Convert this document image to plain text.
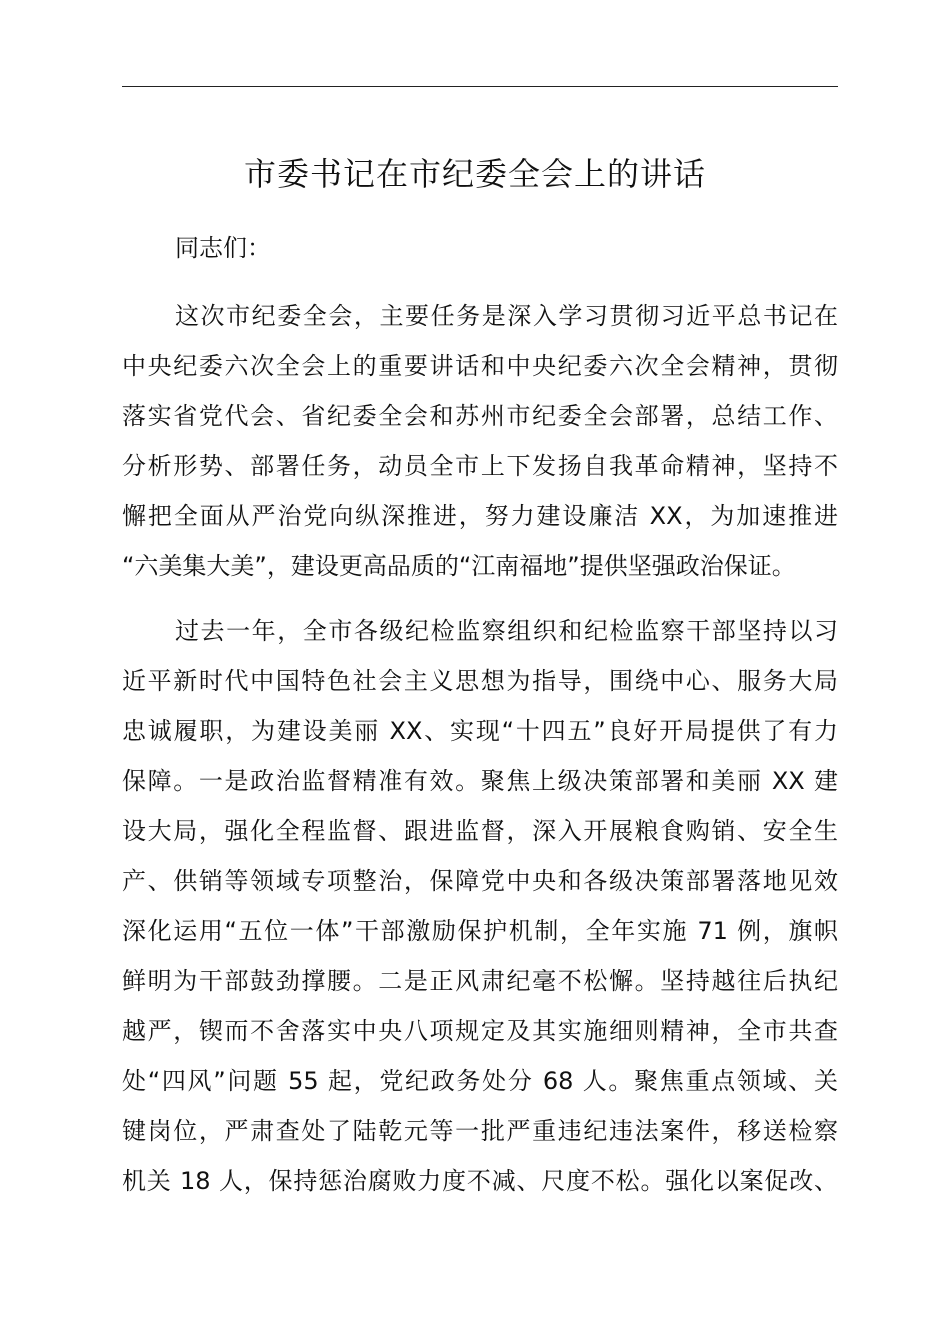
市委书记在市纪委全会上的讲话
同志们：
这次市纪委全会，主要任务是深入学习贯彻习近平总书记在
中央纪委六次全会上的重要讲话和中央纪委六次全会精神，贯彻
落实省党代会、省纪委全会和苏州市纪委全会部署，总结工作、
分析形势、部署任务，动员全市上下发扬自我革命精神，坚持不
懈把全面从严治党向纵深推进，努力建设廉洁 XX，为加速推进
“六美集大美”，建设更高品质的“江南福地”提供坚强政治保证。
过去一年，全市各级纪检监察组织和纪检监察干部坚持以习
近平新时代中国特色社会主义思想为指导，围绕中心、服务大局
忠诚履职，为建设美丽 XX、实现“十四五”良好开局提供了有力
保障。一是政治监督精准有效。聚焦上级决策部署和美丽 XX 建
设大局，强化全程监督、跟进监督，深入开展粮食购销、安全生
产、供销等领域专项整治，保障党中央和各级决策部署落地见效
深化运用“五位一体”干部激励保护机制，全年实施 71 例，旗帜
鲜明为干部鼓劲撑腰。二是正风肃纪毫不松懈。坚持越往后执纪
越严，锲而不舍落实中央八项规定及其实施细则精神，全市共查
处“四风”问题 55 起，党纪政务处分 68 人。聚焦重点领域、关
键岗位，严肃查处了陆乾元等一批严重违纪违法案件，移送检察
机关 18 人，保持惩治腐败力度不减、尺度不松。强化以案促改、
